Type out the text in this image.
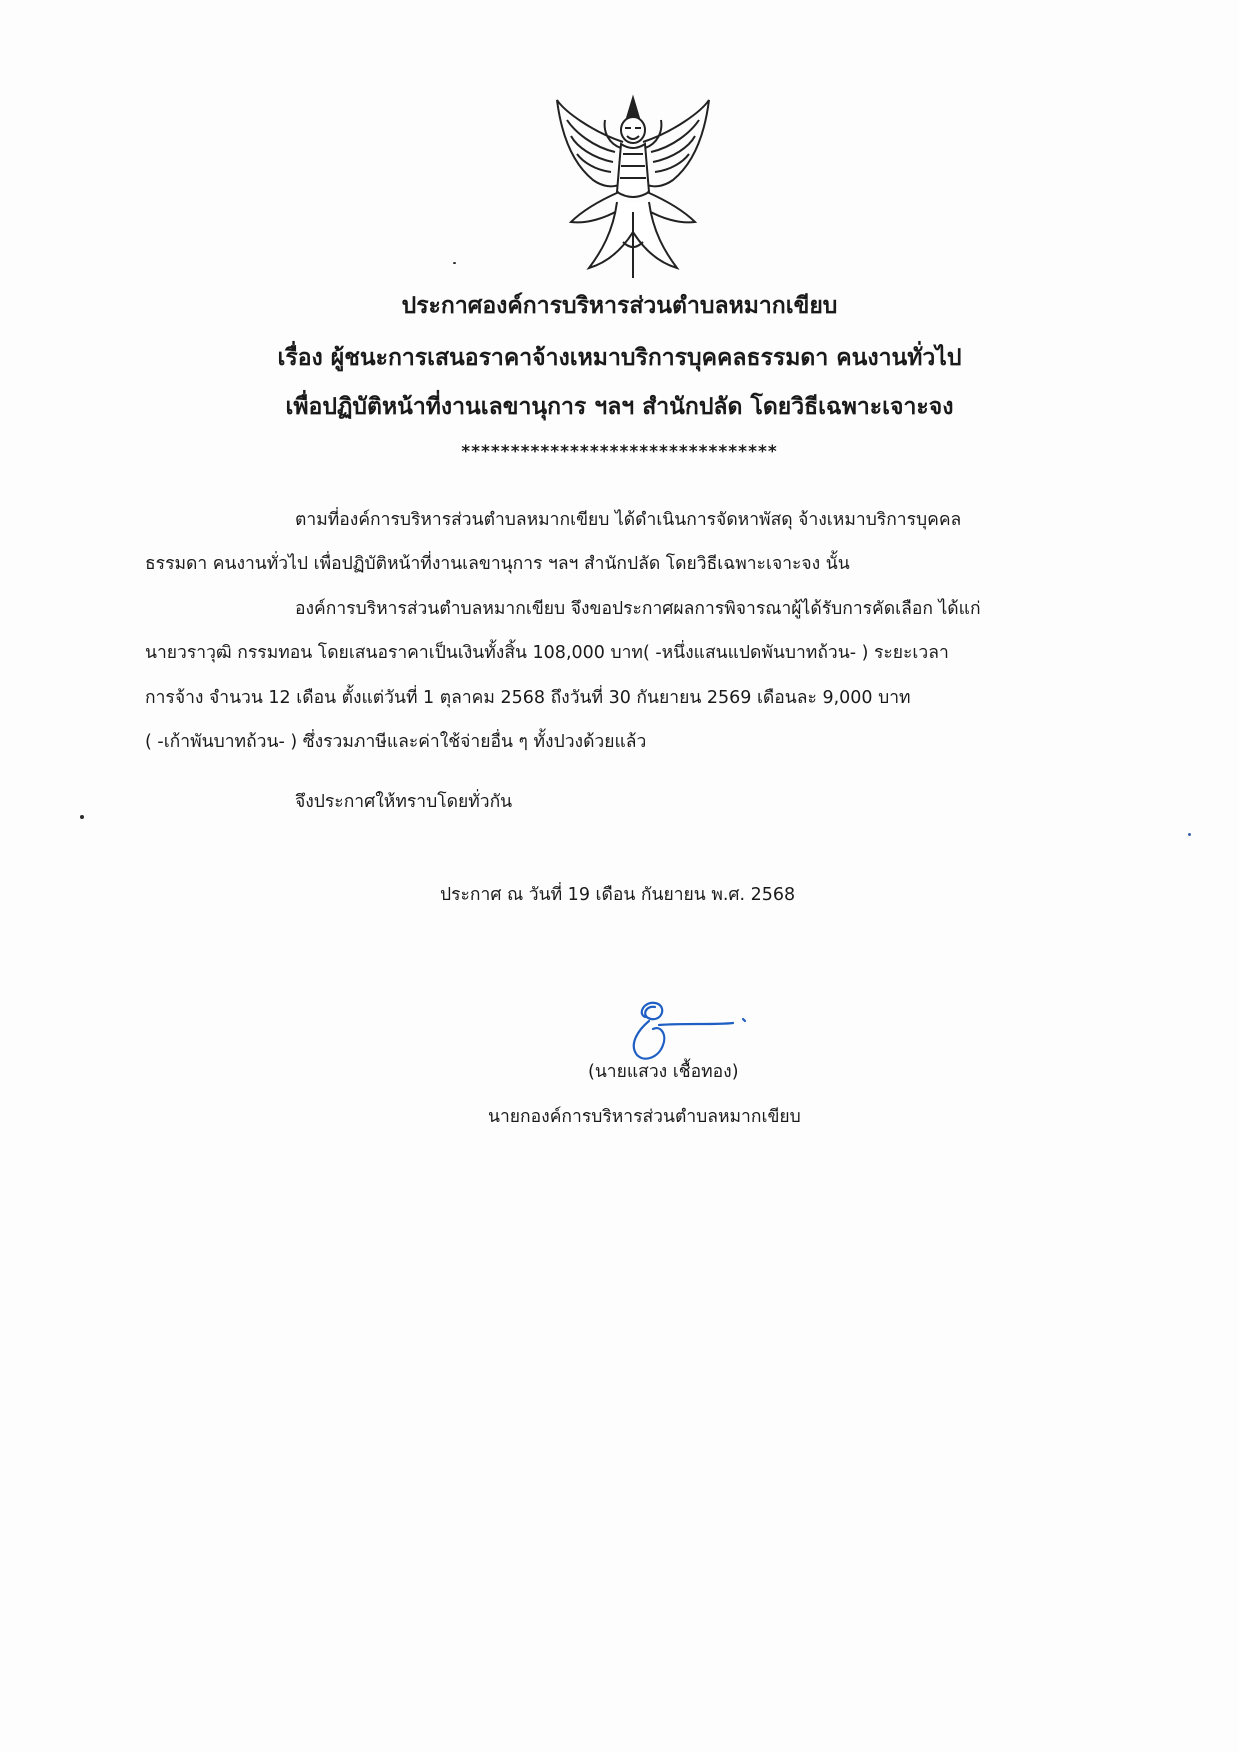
ประกาศองค์การบริหารส่วนตำบลหมากเขียบ
เรื่อง ผู้ชนะการเสนอราคาจ้างเหมาบริการบุคคลธรรมดา คนงานทั่วไป
เพื่อปฏิบัติหน้าที่งานเลขานุการ ฯลฯ สำนักปลัด โดยวิธีเฉพาะเจาะจง
********************************
ตามที่องค์การบริหารส่วนตำบลหมากเขียบ ได้ดำเนินการจัดหาพัสดุ จ้างเหมาบริการบุคคล
ธรรมดา คนงานทั่วไป เพื่อปฏิบัติหน้าที่งานเลขานุการ ฯลฯ สำนักปลัด โดยวิธีเฉพาะเจาะจง นั้น
องค์การบริหารส่วนตำบลหมากเขียบ จึงขอประกาศผลการพิจารณาผู้ได้รับการคัดเลือก ได้แก่
นายวราวุฒิ กรรมทอน โดยเสนอราคาเป็นเงินทั้งสิ้น 108,000 บาท( -หนึ่งแสนแปดพันบาทถ้วน- ) ระยะเวลา
การจ้าง จำนวน 12 เดือน ตั้งแต่วันที่ 1 ตุลาคม 2568 ถึงวันที่ 30 กันยายน 2569 เดือนละ 9,000 บาท
( -เก้าพันบาทถ้วน- ) ซึ่งรวมภาษีและค่าใช้จ่ายอื่น ๆ ทั้งปวงด้วยแล้ว
จึงประกาศให้ทราบโดยทั่วกัน
ประกาศ ณ วันที่ 19 เดือน กันยายน พ.ศ. 2568
(นายแสวง เชื้อทอง)
นายกองค์การบริหารส่วนตำบลหมากเขียบ
